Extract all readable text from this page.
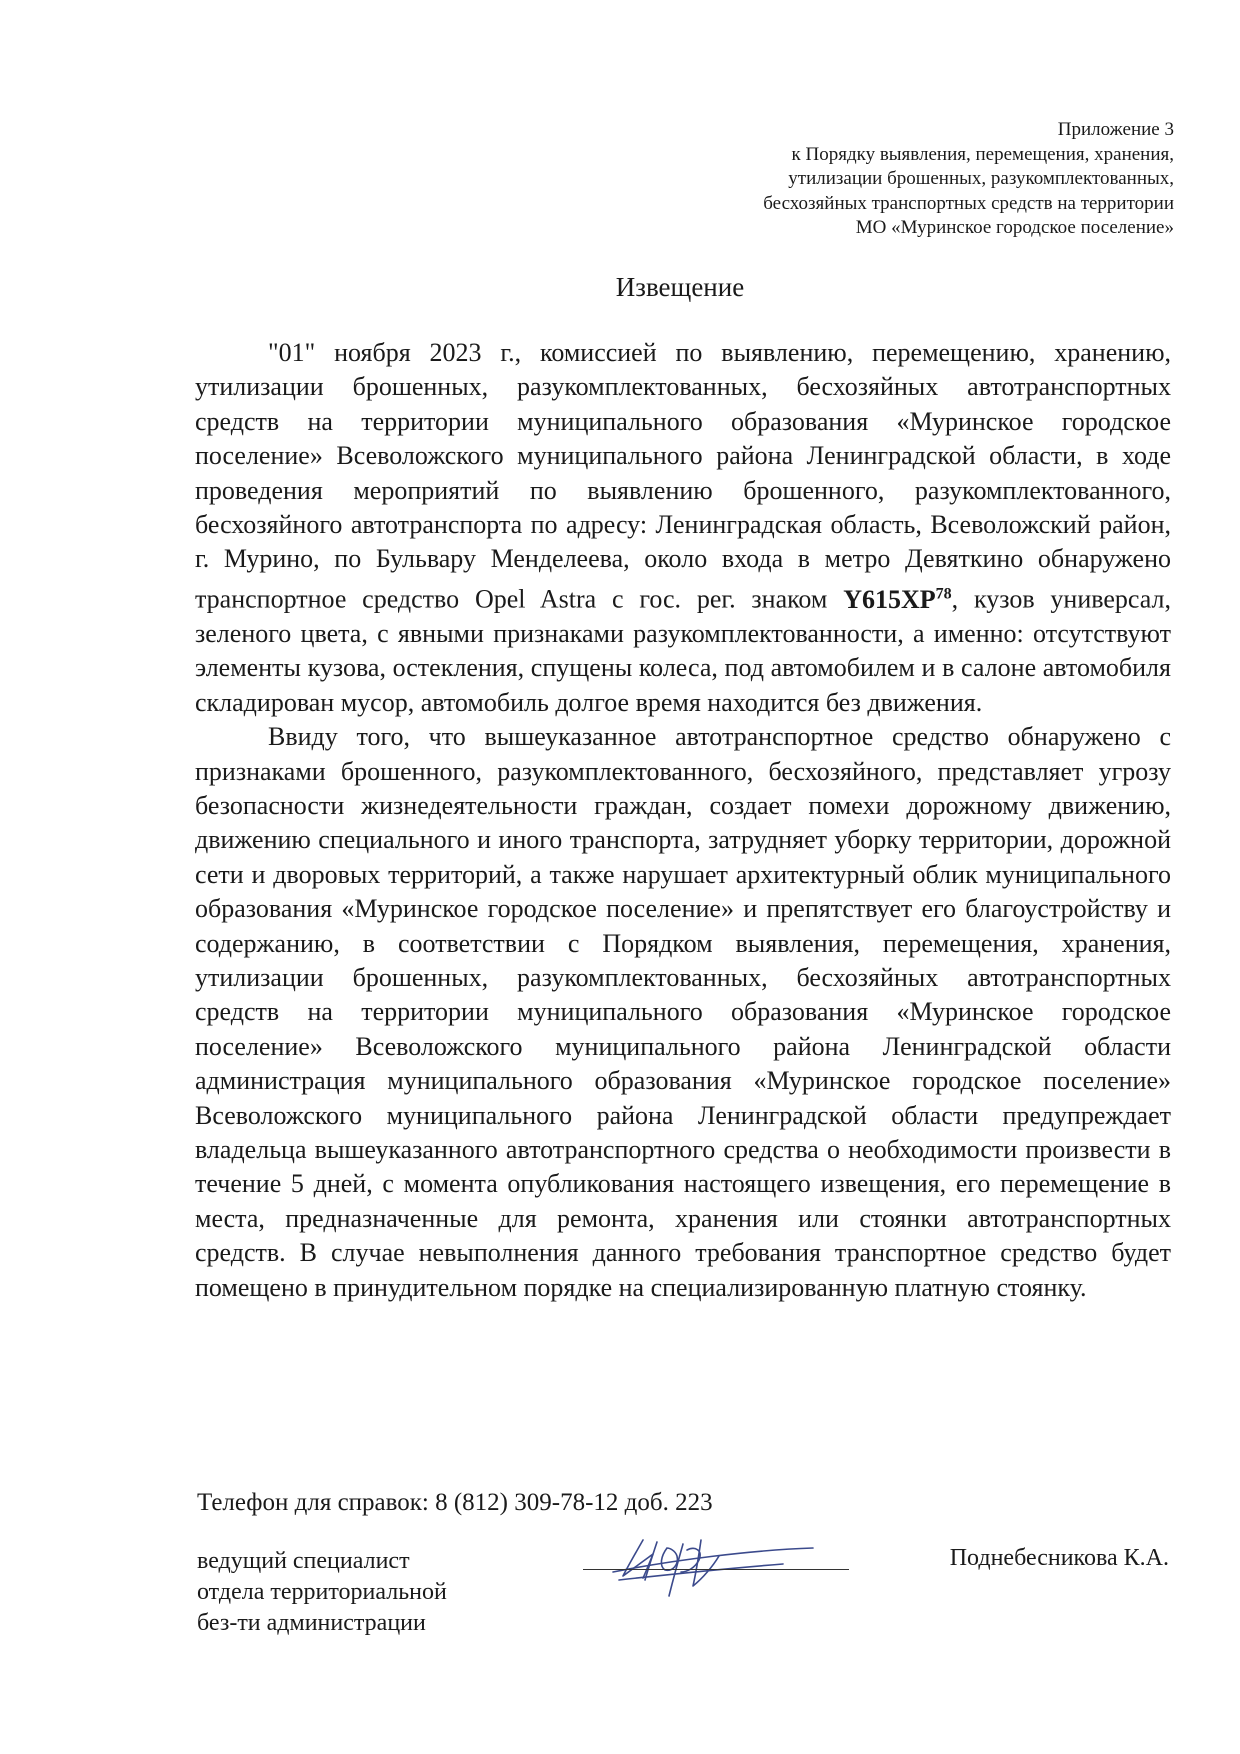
Приложение 3
к Порядку выявления, перемещения, хранения,
утилизации брошенных, разукомплектованных,
бесхозяйных транспортных средств на территории
МО «Муринское городское поселение»
Извещение

"01" ноября 2023 г., комиссией по выявлению, перемещению, хранению, утилизации брошенных, разукомплектованных, бесхозяйных автотранспортных средств на территории муниципального образования «Муринское городское поселение» Всеволожского муниципального района Ленинградской области, в ходе проведения мероприятий по выявлению брошенного, разукомплектованного, бесхозяйного автотранспорта по адресу: Ленинградская область, Всеволожский район, г. Мурино, по Бульвару Менделеева, около входа в метро Девяткино обнаружено транспортное средство Opel Astra с гос. рег. знаком Y615ХР$^{78}$, кузов универсал, зеленого цвета, с явными признаками разукомплектованности, а именно: отсутствуют элементы кузова, остекления, спущены колеса, под автомобилем и в салоне автомобиля складирован мусор, автомобиль долгое время находится без движения.

Ввиду того, что вышеуказанное автотранспортное средство обнаружено с признаками брошенного, разукомплектованного, бесхозяйного, представляет угрозу безопасности жизнедеятельности граждан, создает помехи дорожному движению, движению специального и иного транспорта, затрудняет уборку территории, дорожной сети и дворовых территорий, а также нарушает архитектурный облик муниципального образования «Муринское городское поселение» и препятствует его благоустройству и содержанию, в соответствии с Порядком выявления, перемещения, хранения, утилизации брошенных, разукомплектованных, бесхозяйных автотранспортных средств на территории муниципального образования «Муринское городское поселение» Всеволожского муниципального района Ленинградской области администрация муниципального образования «Муринское городское поселение» Всеволожского муниципального района Ленинградской области предупреждает владельца вышеуказанного автотранспортного средства о необходимости произвести в течение 5 дней, с момента опубликования настоящего извещения, его перемещение в места, предназначенные для ремонта, хранения или стоянки автотранспортных средств. В случае невыполнения данного требования транспортное средство будет помещено в принудительном порядке на специализированную платную стоянку.

Телефон для справок: 8 (812) 309-78-12 доб. 223
ведущий специалист
отдела территориальной
без-ти администрации
Поднебесникова К.А.
